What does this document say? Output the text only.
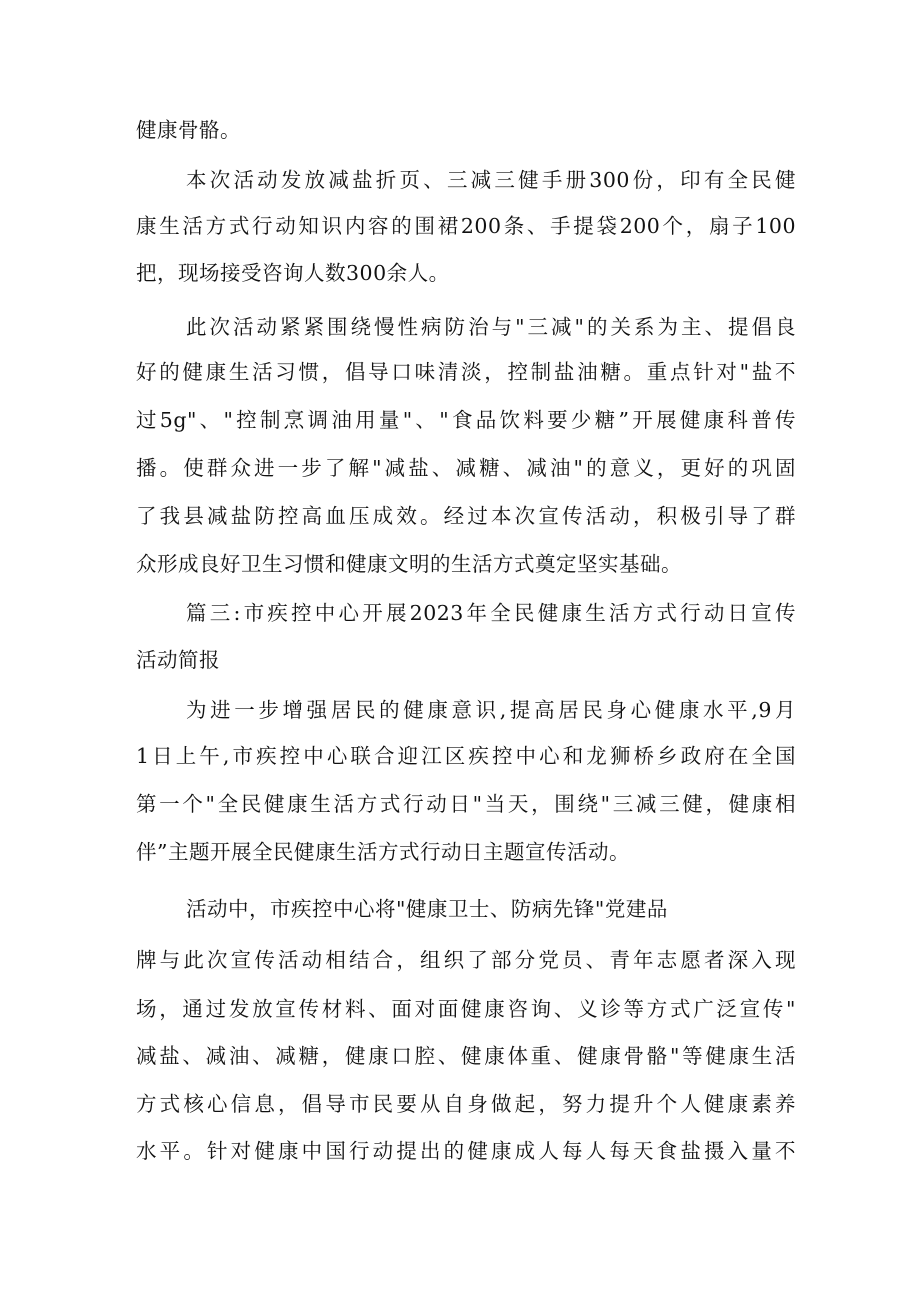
健康骨骼。
本次活动发放减盐折页、三减三健手册300份，印有全民健
康生活方式行动知识内容的围裙200条、手提袋200个，扇子100
把，现场接受咨询人数300余人。
此次活动紧紧围绕慢性病防治与"三减"的关系为主、提倡良
好的健康生活习惯，倡导口味清淡，控制盐油糖。重点针对"盐不
过5g"、"控制烹调油用量"、"食品饮料要少糖”开展健康科普传
播。使群众进一步了解"减盐、减糖、减油"的意义，更好的巩固
了我县减盐防控高血压成效。经过本次宣传活动，积极引导了群
众形成良好卫生习惯和健康文明的生活方式奠定坚实基础。
篇三:市疾控中心开展2023年全民健康生活方式行动日宣传
活动简报
为进一步增强居民的健康意识,提高居民身心健康水平,9月
1日上午,市疾控中心联合迎江区疾控中心和龙狮桥乡政府在全国
第一个"全民健康生活方式行动日"当天，围绕"三减三健，健康相
伴”主题开展全民健康生活方式行动日主题宣传活动。
活动中，市疾控中心将"健康卫士、防病先锋"党建品
牌与此次宣传活动相结合，组织了部分党员、青年志愿者深入现
场，通过发放宣传材料、面对面健康咨询、义诊等方式广泛宣传"
减盐、减油、减糖，健康口腔、健康体重、健康骨骼"等健康生活
方式核心信息，倡导市民要从自身做起，努力提升个人健康素养
水平。针对健康中国行动提出的健康成人每人每天食盐摄入量不
